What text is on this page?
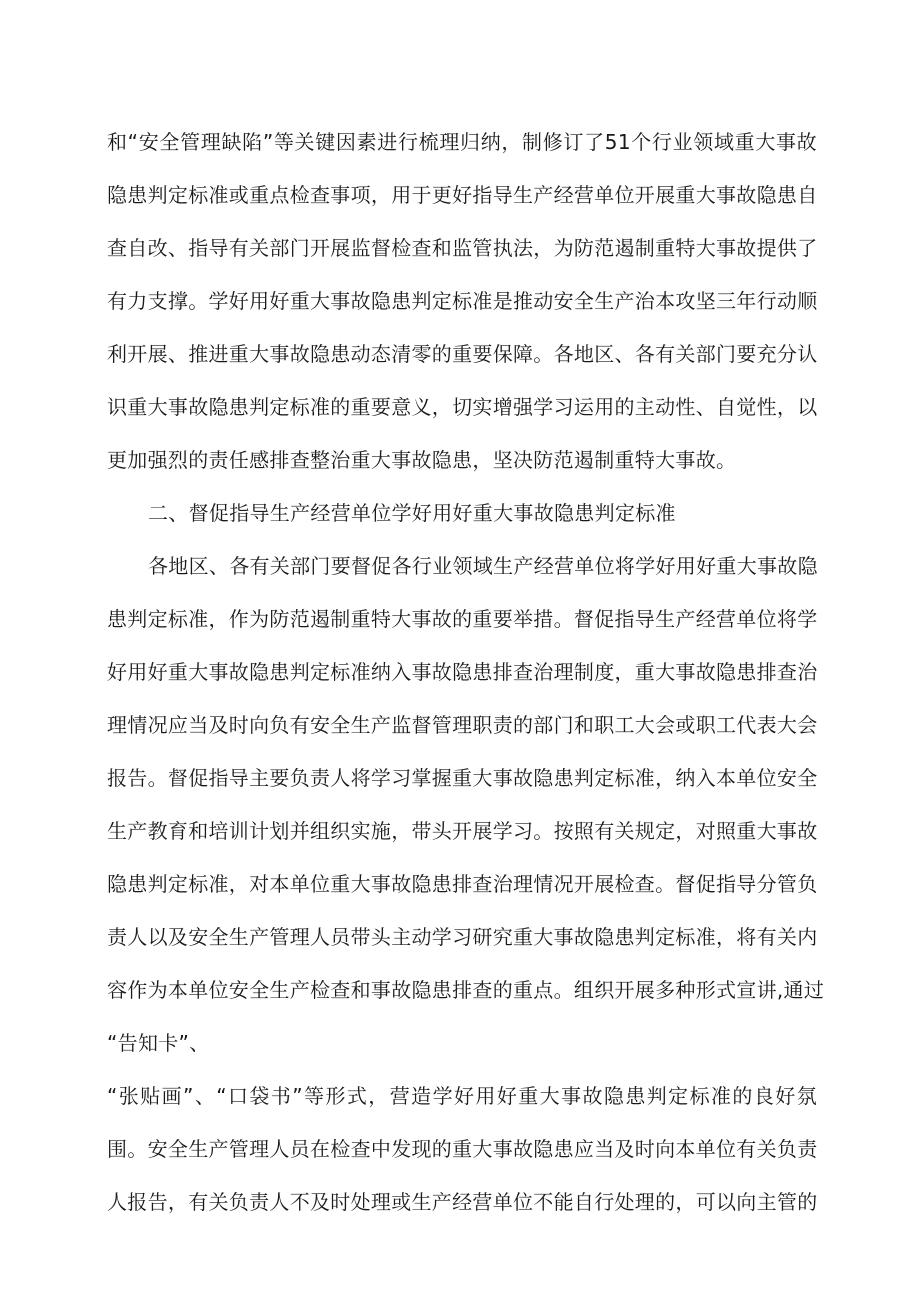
和“安全管理缺陷”等关键因素进行梳理归纳，制修订了51个行业领域重大事故
隐患判定标准或重点检查事项，用于更好指导生产经营单位开展重大事故隐患自
查自改、指导有关部门开展监督检查和监管执法，为防范遏制重特大事故提供了
有力支撑。学好用好重大事故隐患判定标准是推动安全生产治本攻坚三年行动顺
利开展、推进重大事故隐患动态清零的重要保障。各地区、各有关部门要充分认
识重大事故隐患判定标准的重要意义，切实增强学习运用的主动性、自觉性，以
更加强烈的责任感排查整治重大事故隐患，坚决防范遏制重特大事故。
二、督促指导生产经营单位学好用好重大事故隐患判定标准
各地区、各有关部门要督促各行业领域生产经营单位将学好用好重大事故隐
患判定标准，作为防范遏制重特大事故的重要举措。督促指导生产经营单位将学
好用好重大事故隐患判定标准纳入事故隐患排查治理制度，重大事故隐患排查治
理情况应当及时向负有安全生产监督管理职责的部门和职工大会或职工代表大会
报告。督促指导主要负责人将学习掌握重大事故隐患判定标准，纳入本单位安全
生产教育和培训计划并组织实施，带头开展学习。按照有关规定，对照重大事故
隐患判定标准，对本单位重大事故隐患排查治理情况开展检查。督促指导分管负
责人以及安全生产管理人员带头主动学习研究重大事故隐患判定标准，将有关内
容作为本单位安全生产检查和事故隐患排查的重点。组织开展多种形式宣讲,通过
“告知卡”、
“张贴画”、“口袋书”等形式，营造学好用好重大事故隐患判定标准的良好氛
围。安全生产管理人员在检查中发现的重大事故隐患应当及时向本单位有关负责
人报告，有关负责人不及时处理或生产经营单位不能自行处理的，可以向主管的
